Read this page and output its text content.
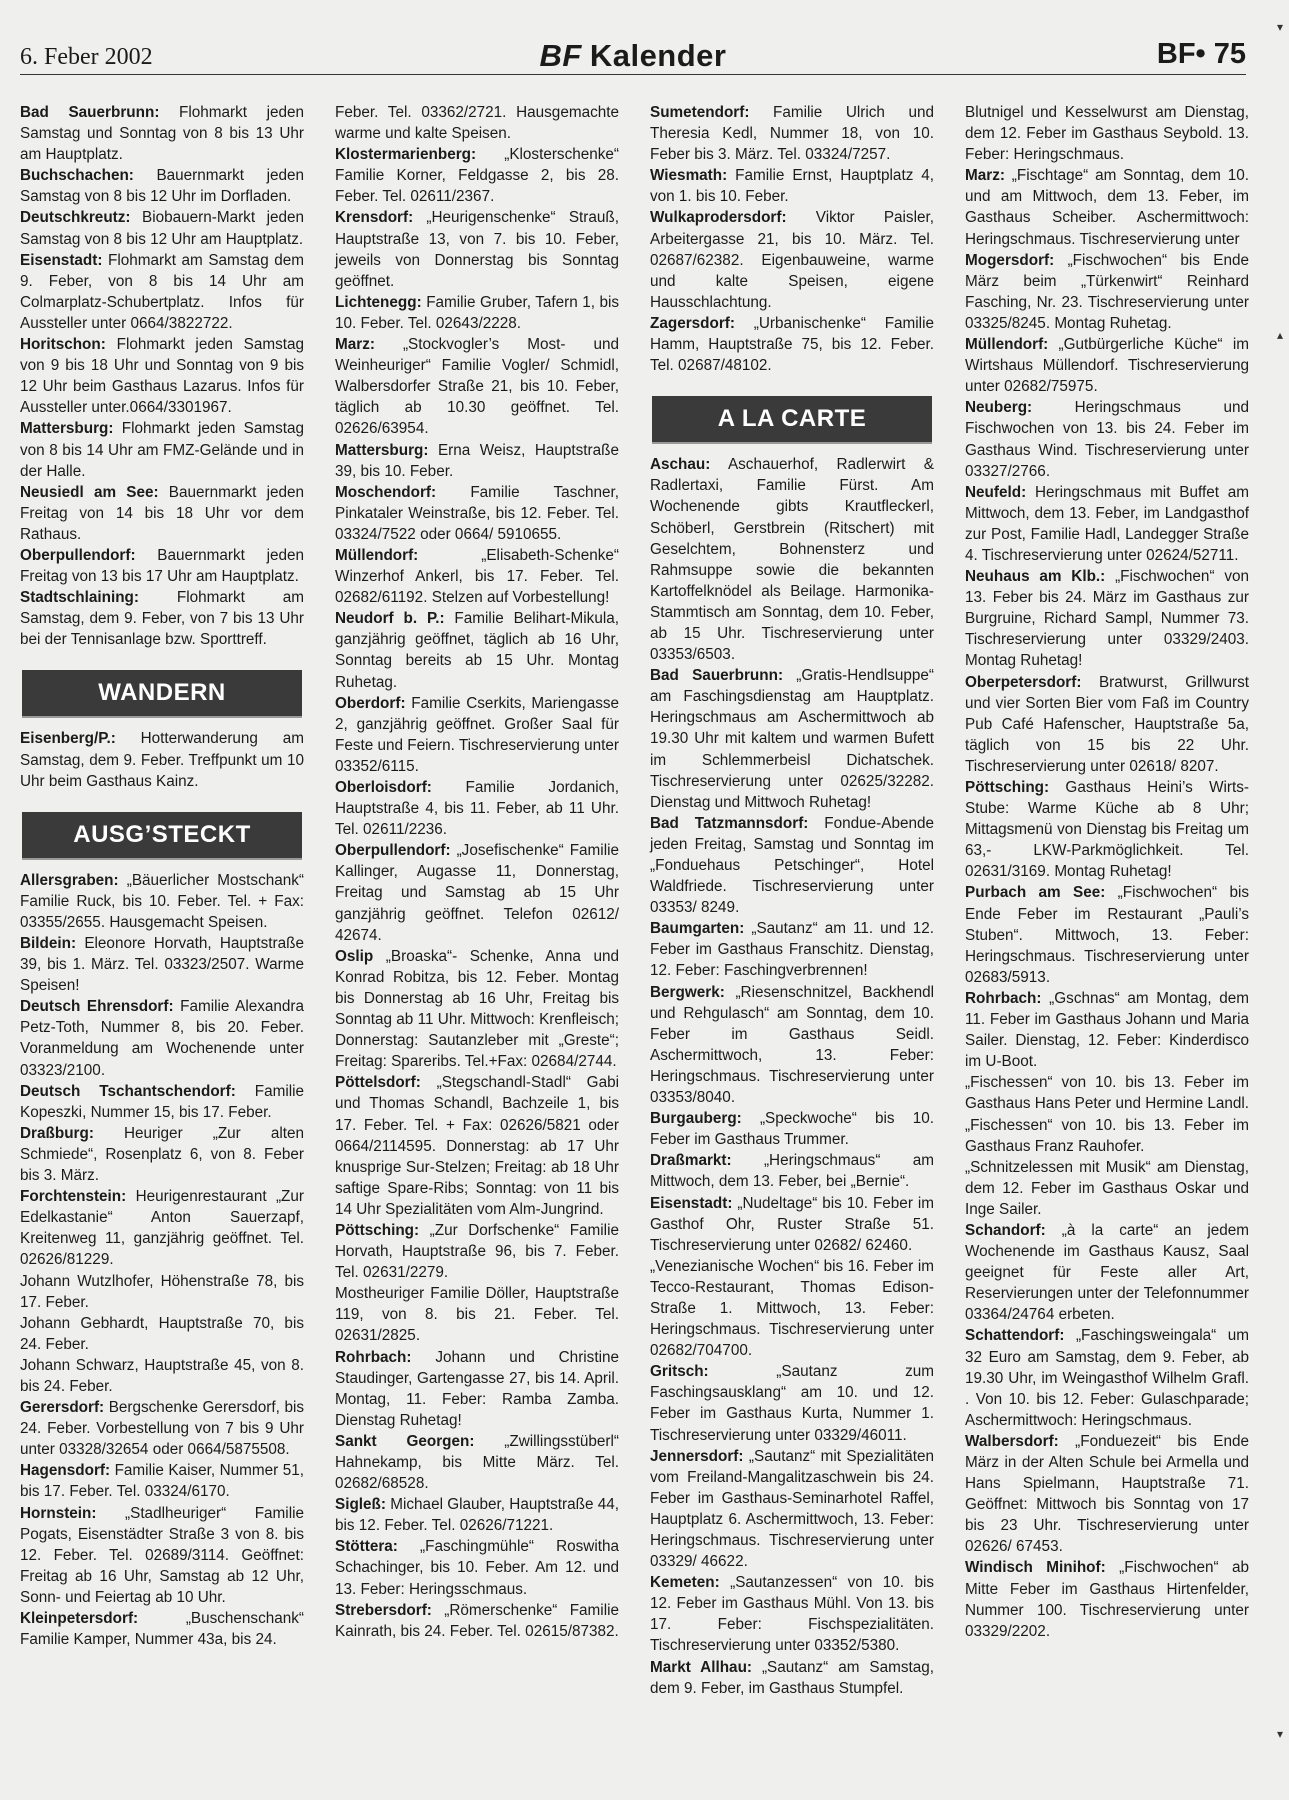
6. Feber 2002	BF Kalender	BF• 75

Bad Sauerbrunn: Flohmarkt jeden Samstag und Sonntag von 8 bis 13 Uhr am Hauptplatz.

Buchschachen: Bauernmarkt jeden Samstag von 8 bis 12 Uhr im Dorfladen.

Deutschkreutz: Biobauern-Markt jeden Samstag von 8 bis 12 Uhr am Hauptplatz.

Eisenstadt: Flohmarkt am Samstag dem 9. Feber, von 8 bis 14 Uhr am Colmarplatz-Schubertplatz. Infos für Aussteller unter 0664/3822722.

Horitschon: Flohmarkt jeden Samstag von 9 bis 18 Uhr und Sonntag von 9 bis 12 Uhr beim Gasthaus Lazarus. Infos für Aussteller unter.0664/3301967.

Mattersburg: Flohmarkt jeden Samstag von 8 bis 14 Uhr am FMZ-Gelände und in der Halle.

Neusiedl am See: Bauernmarkt jeden Freitag von 14 bis 18 Uhr vor dem Rathaus.

Oberpullendorf: Bauernmarkt jeden Freitag von 13 bis 17 Uhr am Hauptplatz.

Stadtschlaining: Flohmarkt am Samstag, dem 9. Feber, von 7 bis 13 Uhr bei der Tennisanlage bzw. Sporttreff.

WANDERN

Eisenberg/P.: Hotterwanderung am Samstag, dem 9. Feber. Treffpunkt um 10 Uhr beim Gasthaus Kainz.

AUSG’STECKT

Allersgraben: „Bäuerlicher Mostschank“ Familie Ruck, bis 10. Feber. Tel. + Fax: 03355/2655. Hausgemacht Speisen.

Bildein: Eleonore Horvath, Hauptstraße 39, bis 1. März. Tel. 03323/2507. Warme Speisen!

Deutsch Ehrensdorf: Familie Alexandra Petz-Toth, Nummer 8, bis 20. Feber. Voranmeldung am Wochenende unter 03323/2100.

Deutsch Tschantschendorf: Familie Kopeszki, Nummer 15, bis 17. Feber.

Draßburg: Heuriger „Zur alten Schmiede“, Rosenplatz 6, von 8. Feber bis 3. März.

Forchtenstein: Heurigenrestaurant „Zur Edelkastanie“ Anton Sauerzapf, Kreitenweg 11, ganzjährig geöffnet. Tel. 02626/81229.

Johann Wutzlhofer, Höhenstraße 78, bis 17. Feber.

Johann Gebhardt, Hauptstraße 70, bis 24. Feber.

Johann Schwarz, Hauptstraße 45, von 8. bis 24. Feber.

Gerersdorf: Bergschenke Gerersdorf, bis 24. Feber. Vorbestellung von 7 bis 9 Uhr unter 03328/32654 oder 0664/5875508.

Hagensdorf: Familie Kaiser, Nummer 51, bis 17. Feber. Tel. 03324/6170.

Hornstein: „Stadlheuriger“ Familie Pogats, Eisenstädter Straße 3 von 8. bis 12. Feber. Tel. 02689/3114. Geöffnet: Freitag ab 16 Uhr, Samstag ab 12 Uhr, Sonn- und Feiertag ab 10 Uhr.

Kleinpetersdorf:	„Buschenschank“ Familie Kamper, Nummer 43a, bis 24.

Feber. Tel. 03362/2721. Hausgemachte warme und kalte Speisen.

Klostermarienberg: „Klosterschenke“ Familie Korner, Feldgasse 2, bis 28. Feber. Tel. 02611/2367.

Krensdorf: „Heurigenschenke“ Strauß, Hauptstraße 13, von 7. bis 10. Feber, jeweils von Donnerstag bis Sonntag geöffnet.

Lichtenegg: Familie Gruber, Tafern 1, bis 10. Feber. Tel. 02643/2228.

Marz: „Stockvogler’s Most- und Weinheuriger“ Familie Vogler/ Schmidl, Walbersdorfer Straße 21, bis 10. Feber, täglich ab 10.30 geöffnet. Tel. 02626/63954.

Mattersburg: Erna Weisz, Hauptstraße 39, bis 10. Feber.

Moschendorf: Familie Taschner, Pinkataler Weinstraße, bis 12. Feber. Tel. 03324/7522 oder 0664/ 5910655.

Müllendorf:	„Elisabeth-Schenke“ Winzerhof Ankerl, bis 17. Feber. Tel. 02682/61192. Stelzen auf Vorbestellung!

Neudorf b. P.: Familie Belihart-Mikula, ganzjährig geöffnet, täglich ab 16 Uhr, Sonntag bereits ab 15 Uhr. Montag Ruhetag.

Oberdorf: Familie Cserkits, Mariengasse 2, ganzjährig geöffnet. Großer Saal für Feste und Feiern. Tischreservierung unter 03352/6115.

Oberloisdorf: Familie Jordanich, Hauptstraße 4, bis 11. Feber, ab 11 Uhr. Tel. 02611/2236.

Oberpullendorf: „Josefischenke“ Familie Kallinger, Augasse 11, Donnerstag, Freitag und Samstag ab 15 Uhr ganzjährig geöffnet. Telefon 02612/ 42674.

Oslip „Broaska“- Schenke, Anna und Konrad Robitza, bis 12. Feber. Montag bis Donnerstag ab 16 Uhr, Freitag bis Sonntag ab 11 Uhr. Mittwoch: Krenfleisch; Donnerstag: Sautanzleber mit „Greste“; Freitag: Spareribs. Tel.+Fax: 02684/2744.

Pöttelsdorf: „Stegschandl-Stadl“ Gabi und Thomas Schandl, Bachzeile 1, bis 17. Feber. Tel. + Fax: 02626/5821 oder 0664/2114595. Donnerstag: ab 17 Uhr knusprige Sur-Stelzen; Freitag: ab 18 Uhr saftige Spare-Ribs; Sonntag: von 11 bis 14 Uhr Spezialitäten vom Alm-Jungrind.

Pöttsching: „Zur Dorfschenke“ Familie Horvath, Hauptstraße 96, bis 7. Feber. Tel. 02631/2279.

Mostheuriger Familie Döller, Hauptstraße 119, von 8. bis 21. Feber. Tel. 02631/2825.

Rohrbach: Johann und Christine Staudinger, Gartengasse 27, bis 14. April. Montag, 11. Feber: Ramba Zamba. Dienstag Ruhetag!

Sankt Georgen: „Zwillingsstüberl“ Hahnekamp, bis Mitte März. Tel. 02682/68528.

Sigleß: Michael Glauber, Hauptstraße 44, bis 12. Feber. Tel. 02626/71221.

Stöttera: „Faschingmühle“ Roswitha Schachinger, bis 10. Feber. Am 12. und 13. Feber: Heringsschmaus.

Strebersdorf: „Römerschenke“ Familie Kainrath, bis 24. Feber. Tel. 02615/87382.

Sumetendorf: Familie Ulrich und Theresia Kedl, Nummer 18, von 10. Feber bis 3. März. Tel. 03324/7257.

Wiesmath: Familie Ernst, Hauptplatz 4, von 1. bis 10. Feber.

Wulkaprodersdorf: Viktor Paisler, Arbeitergasse 21, bis 10. März. Tel. 02687/62382. Eigenbauweine, warme und kalte Speisen, eigene Hausschlachtung.

Zagersdorf: „Urbanischenke“ Familie Hamm, Hauptstraße 75, bis 12. Feber. Tel. 02687/48102.

A LA CARTE

Aschau: Aschauerhof, Radlerwirt & Radlertaxi, Familie Fürst. Am Wochenende gibts Krautfleckerl, Schöberl, Gerstbrein (Ritschert) mit Geselchtem, Bohnensterz und Rahmsuppe sowie die bekannten Kartoffelknödel als Beilage. Harmonika-Stammtisch am Sonntag, dem 10. Feber, ab 15 Uhr. Tischreservierung unter 03353/6503.

Bad Sauerbrunn: „Gratis-Hendlsuppe“ am Faschingsdienstag am Hauptplatz. Heringschmaus am Aschermittwoch ab 19.30 Uhr mit kaltem und warmen Bufett im Schlemmerbeisl Dichatschek. Tischreservierung unter 02625/32282. Dienstag und Mittwoch Ruhetag!

Bad Tatzmannsdorf: Fondue-Abende jeden Freitag, Samstag und Sonntag im „Fonduehaus Petschinger“, Hotel Waldfriede. Tischreservierung unter 03353/ 8249.

Baumgarten: „Sautanz“ am 11. und 12. Feber im Gasthaus Franschitz. Dienstag, 12. Feber: Faschingverbrennen!

Bergwerk: „Riesenschnitzel, Backhendl und Rehgulasch“ am Sonntag, dem 10. Feber im Gasthaus Seidl. Aschermittwoch, 13. Feber: Heringschmaus. Tischreservierung unter 03353/8040.

Burgauberg: „Speckwoche“ bis 10. Feber im Gasthaus Trummer.

Draßmarkt: „Heringschmaus“ am Mittwoch, dem 13. Feber, bei „Bernie“.

Eisenstadt: „Nudeltage“ bis 10. Feber im Gasthof Ohr, Ruster Straße 51. Tischreservierung unter 02682/ 62460.

„Venezianische Wochen“ bis 16. Feber im Tecco-Restaurant, Thomas Edison-Straße 1. Mittwoch, 13. Feber: Heringschmaus. Tischreservierung unter 02682/704700.

Gritsch:	„Sautanz zum Faschingsausklang“ am 10. und 12. Feber im Gasthaus Kurta, Nummer 1. Tischreservierung unter 03329/46011.

Jennersdorf: „Sautanz“ mit Spezialitäten vom Freiland-Mangalitzaschwein bis 24. Feber im Gasthaus-Seminarhotel Raffel, Hauptplatz 6. Aschermittwoch, 13. Feber: Heringschmaus. Tischreservierung unter 03329/ 46622.

Kemeten: „Sautanzessen“ von 10. bis 12. Feber im Gasthaus Mühl. Von 13. bis 17. Feber: Fischspezialitäten. Tischreservierung unter 03352/5380.

Markt Allhau: „Sautanz“ am Samstag, dem 9. Feber, im Gasthaus Stumpfel.

Blutnigel und Kesselwurst am Dienstag, dem 12. Feber im Gasthaus Seybold. 13. Feber: Heringschmaus.

Marz: „Fischtage“ am Sonntag, dem 10. und am Mittwoch, dem 13. Feber, im Gasthaus Scheiber. Aschermittwoch: Heringschmaus. Tischreservierung unter

Mogersdorf: „Fischwochen“ bis Ende März beim „Türkenwirt“ Reinhard Fasching, Nr. 23. Tischreservierung unter 03325/8245. Montag Ruhetag.

Müllendorf: „Gutbürgerliche Küche“ im Wirtshaus Müllendorf. Tischreservierung unter 02682/75975.

Neuberg:	Heringschmaus und Fischwochen von 13. bis 24. Feber im Gasthaus Wind. Tischreservierung unter 03327/2766.

Neufeld: Heringschmaus mit Buffet am Mittwoch, dem 13. Feber, im Landgasthof zur Post, Familie Hadl, Landegger Straße 4. Tischreservierung unter 02624/52711.

Neuhaus am Klb.: „Fischwochen“ von 13. Feber bis 24. März im Gasthaus zur Burgruine, Richard Sampl, Nummer 73. Tischreservierung unter 03329/2403. Montag Ruhetag!

Oberpetersdorf: Bratwurst, Grillwurst und vier Sorten Bier vom Faß im Country Pub Café Hafenscher, Hauptstraße 5a, täglich von 15 bis 22 Uhr. Tischreservierung unter 02618/ 8207.

Pöttsching: Gasthaus Heini’s Wirts-Stube: Warme Küche ab 8 Uhr; Mittagsmenü von Dienstag bis Freitag um 63,- LKW-Parkmöglichkeit. Tel. 02631/3169. Montag Ruhetag!

Purbach am See: „Fischwochen“ bis Ende Feber im Restaurant „Pauli’s Stuben“. Mittwoch, 13. Feber: Heringschmaus. Tischreservierung unter 02683/5913.

Rohrbach: „Gschnas“ am Montag, dem 11. Feber im Gasthaus Johann und Maria Sailer. Dienstag, 12. Feber: Kinderdisco im U-Boot.

„Fischessen“ von 10. bis 13. Feber im Gasthaus Hans Peter und Hermine Landl.

„Fischessen“ von 10. bis 13. Feber im Gasthaus Franz Rauhofer.

„Schnitzelessen mit Musik“ am Dienstag, dem 12. Feber im Gasthaus Oskar und Inge Sailer.

Schandorf: „à la carte“ an jedem Wochenende im Gasthaus Kausz, Saal geeignet für Feste aller Art, Reservierungen unter der Telefonnummer 03364/24764 erbeten.

Schattendorf: „Faschingsweingala“ um 32 Euro am Samstag, dem 9. Feber, ab 19.30 Uhr, im Weingasthof Wilhelm Grafl. . Von 10. bis 12. Feber: Gulaschparade; Aschermittwoch: Heringschmaus.

Walbersdorf: „Fonduezeit“ bis Ende März in der Alten Schule bei Armella und Hans Spielmann, Hauptstraße 71. Geöffnet: Mittwoch bis Sonntag von 17 bis 23 Uhr. Tischreservierung unter 02626/ 67453.

Windisch Minihof: „Fischwochen“ ab Mitte Feber im Gasthaus Hirtenfelder, Nummer 100. Tischreservierung unter 03329/2202.

▾
▴
▾
